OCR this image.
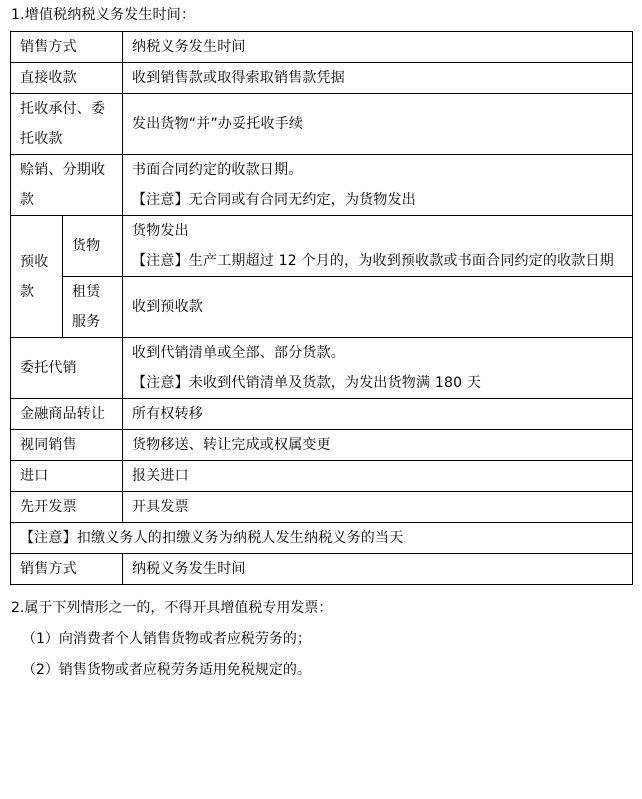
1.增值税纳税义务发生时间：
销售方式		纳税义务发生时间

直接收款		收到销售款或取得索取销售款凭据

托收承付、委
托收款		发出货物“并”办妥托收手续

赊销、分期收
款		书面合同约定的收款日期。
【注意】无合同或有合同无约定，为货物发出

预收
款	货物	货物发出
【注意】生产工期超过 12 个月的，为收到预收款或书面合同约定的收款日期

	租赁
服务	收到预收款

委托代销		收到代销清单或全部、部分货款。
【注意】未收到代销清单及货款，为发出货物满 180 天

金融商品转让		所有权转移

视同销售		货物移送、转让完成或权属变更

进口		报关进口

先开发票		开具发票

【注意】扣缴义务人的扣缴义务为纳税人发生纳税义务的当天		

销售方式		纳税义务发生时间
2.属于下列情形之一的，不得开具增值税专用发票：
（1）向消费者个人销售货物或者应税劳务的；
（2）销售货物或者应税劳务适用免税规定的。
